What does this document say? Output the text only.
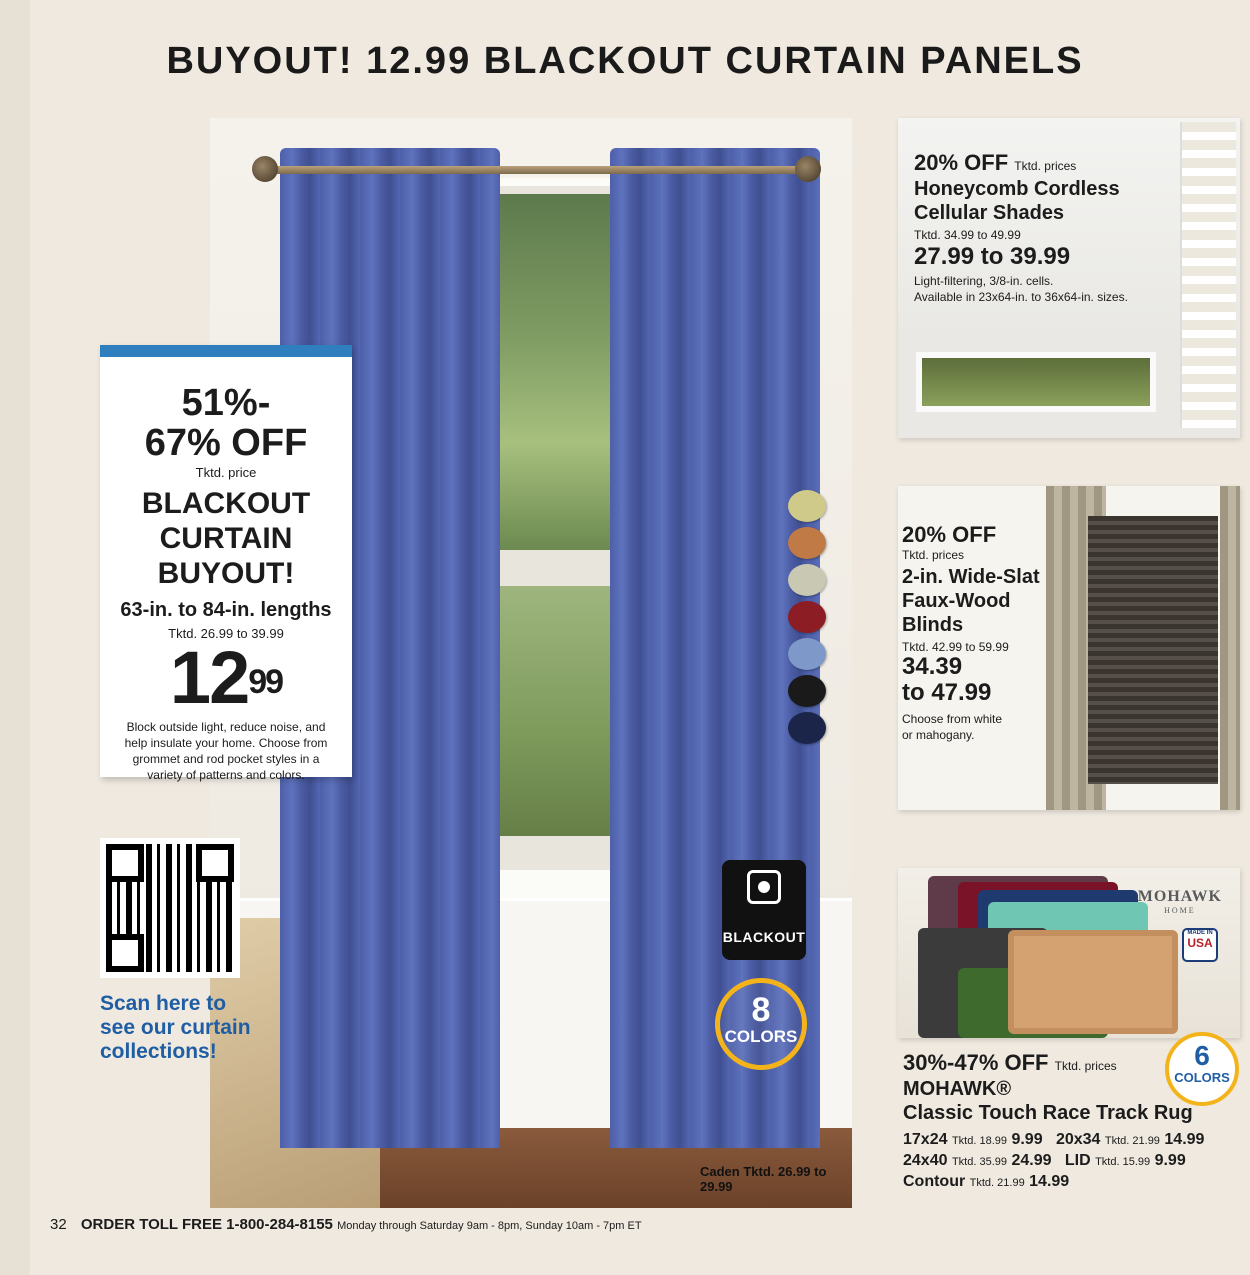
BUYOUT! 12.99 BLACKOUT CURTAIN PANELS
BLACKOUT
8
COLORS
Caden Tktd. 26.99 to 29.99
51%-
67% OFF
Tktd. price
BLACKOUT
CURTAIN
BUYOUT!
63-in. to 84-in. lengths
Tktd. 26.99 to 39.99
$12^{99}$
Block outside light, reduce noise, and help insulate your home. Choose from grommet and rod pocket styles in a variety of patterns and colors.
Scan here to
see our curtain
collections!
20% OFF Tktd. prices
Honeycomb Cordless
Cellular Shades
Tktd. 34.99 to 49.99
27.99 to 39.99
Light-filtering, 3/8-in. cells.
Available in 23x64-in. to 36x64-in. sizes.
20% OFF
Tktd. prices
2-in. Wide-Slat
Faux-Wood
Blinds
Tktd. 42.99 to 59.99
34.39
to 47.99
Choose from white
or mahogany.
MOHAWK
HOME
MADE IN
USA
30%-47% OFF Tktd. prices
MOHAWK®
Classic Touch Race Track Rug
6
COLORS
17x24 Tktd. 18.99 9.99 20x34 Tktd. 21.99 14.99
24x40 Tktd. 35.99 24.99 LID Tktd. 15.99 9.99
Contour Tktd. 21.99 14.99
32 ORDER TOLL FREE 1-800-284-8155 Monday through Saturday 9am - 8pm, Sunday 10am - 7pm ET
